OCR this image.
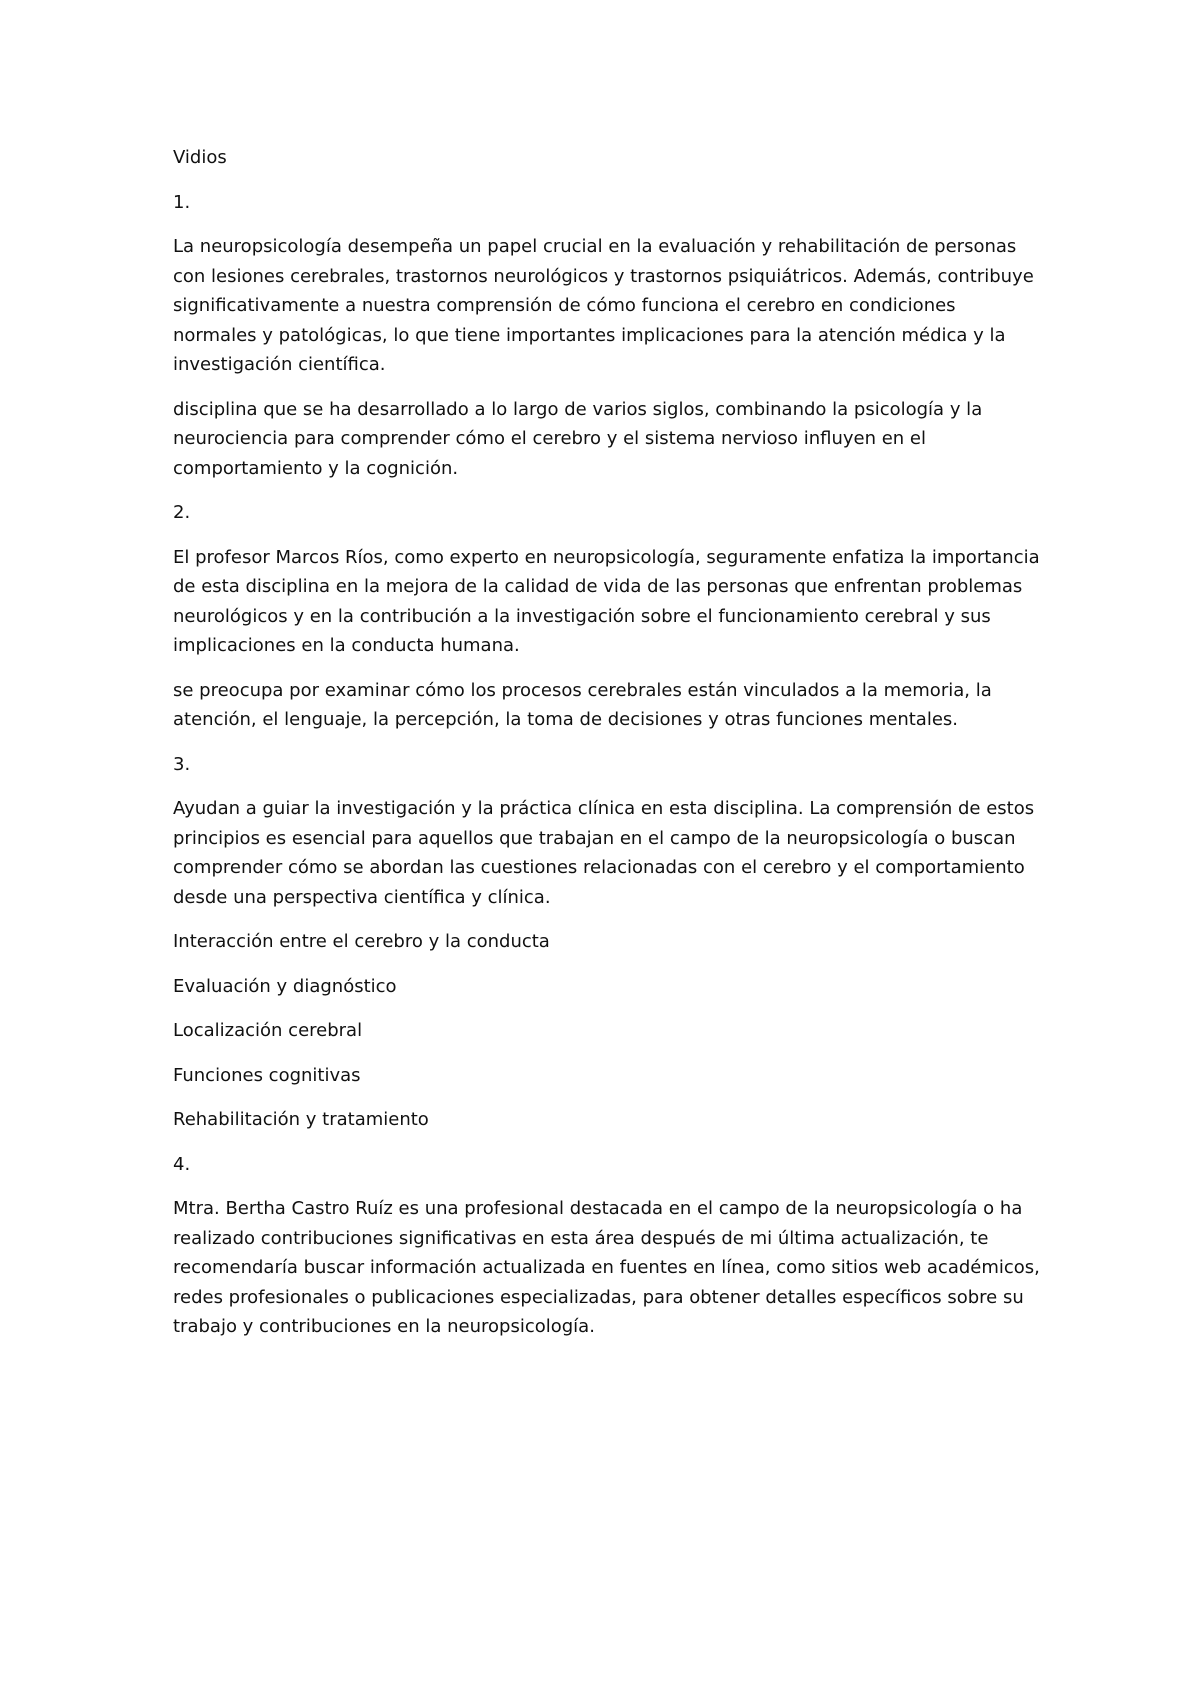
Vidios

1.

La neuropsicología desempeña un papel crucial en la evaluación y rehabilitación de personas con lesiones cerebrales, trastornos neurológicos y trastornos psiquiátricos. Además, contribuye significativamente a nuestra comprensión de cómo funciona el cerebro en condiciones normales y patológicas, lo que tiene importantes implicaciones para la atención médica y la investigación científica.

disciplina que se ha desarrollado a lo largo de varios siglos, combinando la psicología y la neurociencia para comprender cómo el cerebro y el sistema nervioso influyen en el comportamiento y la cognición.

2.

El profesor Marcos Ríos, como experto en neuropsicología, seguramente enfatiza la importancia de esta disciplina en la mejora de la calidad de vida de las personas que enfrentan problemas neurológicos y en la contribución a la investigación sobre el funcionamiento cerebral y sus implicaciones en la conducta humana.

se preocupa por examinar cómo los procesos cerebrales están vinculados a la memoria, la atención, el lenguaje, la percepción, la toma de decisiones y otras funciones mentales.

3.

Ayudan a guiar la investigación y la práctica clínica en esta disciplina. La comprensión de estos principios es esencial para aquellos que trabajan en el campo de la neuropsicología o buscan comprender cómo se abordan las cuestiones relacionadas con el cerebro y el comportamiento desde una perspectiva científica y clínica.

Interacción entre el cerebro y la conducta

Evaluación y diagnóstico

Localización cerebral

Funciones cognitivas

Rehabilitación y tratamiento

4.

Mtra. Bertha Castro Ruíz es una profesional destacada en el campo de la neuropsicología o ha realizado contribuciones significativas en esta área después de mi última actualización, te recomendaría buscar información actualizada en fuentes en línea, como sitios web académicos, redes profesionales o publicaciones especializadas, para obtener detalles específicos sobre su trabajo y contribuciones en la neuropsicología.
